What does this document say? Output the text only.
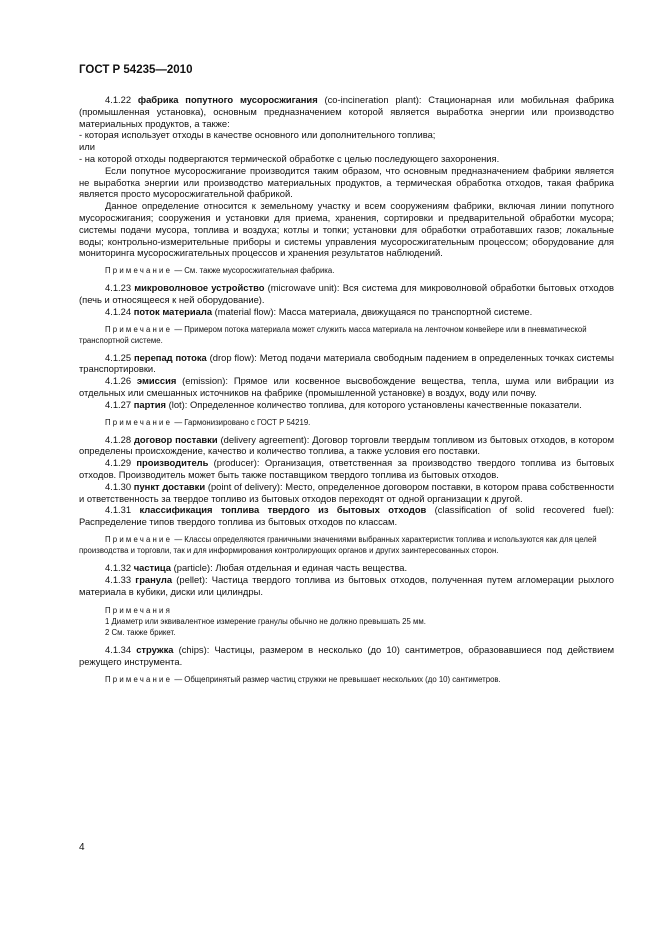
ГОСТ Р 54235—2010

4.1.22 фабрика попутного мусоросжигания (co-incineration plant): Стационарная или мобильная фабрика (промышленная установка), основным предназначением которой является выработка энергии или производство материальных продуктов, а также:

- которая использует отходы в качестве основного или дополнительного топлива;

или

- на которой отходы подвергаются термической обработке с целью последующего захоронения.

Если попутное мусоросжигание производится таким образом, что основным предназначением фабрики является не выработка энергии или производство материальных продуктов, а термическая обработка отходов, такая фабрика является просто мусоросжигательной фабрикой.

Данное определение относится к земельному участку и всем сооружениям фабрики, включая линии попутного мусоросжигания; сооружения и установки для приема, хранения, сортировки и предварительной обработки мусора; системы подачи мусора, топлива и воздуха; котлы и топки; установки для обработки отработавших газов; локальные воды; контрольно-измерительные приборы и системы управления мусоросжигательным процессом; оборудование для мониторинга мусоросжигательных процессов и хранения результатов наблюдений.

Примечание — См. также мусоросжигательная фабрика.

4.1.23 микроволновое устройство (microwave unit): Вся система для микроволновой обработки бытовых отходов (печь и относящееся к ней оборудование).

4.1.24 поток материала (material flow): Масса материала, движущаяся по транспортной системе.

Примечание — Примером потока материала может служить масса материала на ленточном конвейере или в пневматической транспортной системе.

4.1.25 перепад потока (drop flow): Метод подачи материала свободным падением в определенных точках системы транспортировки.

4.1.26 эмиссия (emission): Прямое или косвенное высвобождение вещества, тепла, шума или вибрации из отдельных или смешанных источников на фабрике (промышленной установке) в воздух, воду или почву.

4.1.27 партия (lot): Определенное количество топлива, для которого установлены качественные показатели.

Примечание — Гармонизировано с ГОСТ Р 54219.

4.1.28 договор поставки (delivery agreement): Договор торговли твердым топливом из бытовых отходов, в котором определены происхождение, качество и количество топлива, а также условия его поставки.

4.1.29 производитель (producer): Организация, ответственная за производство твердого топлива из бытовых отходов. Производитель может быть также поставщиком твердого топлива из бытовых отходов.

4.1.30 пункт доставки (point of delivery): Место, определенное договором поставки, в котором права собственности и ответственность за твердое топливо из бытовых отходов переходят от одной организации к другой.

4.1.31 классификация топлива твердого из бытовых отходов (classification of solid recovered fuel): Распределение типов твердого топлива из бытовых отходов по классам.

Примечание — Классы определяются граничными значениями выбранных характеристик топлива и используются как для целей производства и торговли, так и для информирования контролирующих органов и других заинтересованных сторон.

4.1.32 частица (particle): Любая отдельная и единая часть вещества.

4.1.33 гранула (pellet): Частица твердого топлива из бытовых отходов, полученная путем агломерации рыхлого материала в кубики, диски или цилиндры.

Примечания
1 Диаметр или эквивалентное измерение гранулы обычно не должно превышать 25 мм.
2 См. также брикет.

4.1.34 стружка (chips): Частицы, размером в несколько (до 10) сантиметров, образовавшиеся под действием режущего инструмента.

Примечание — Общепринятый размер частиц стружки не превышает нескольких (до 10) сантиметров.
4
